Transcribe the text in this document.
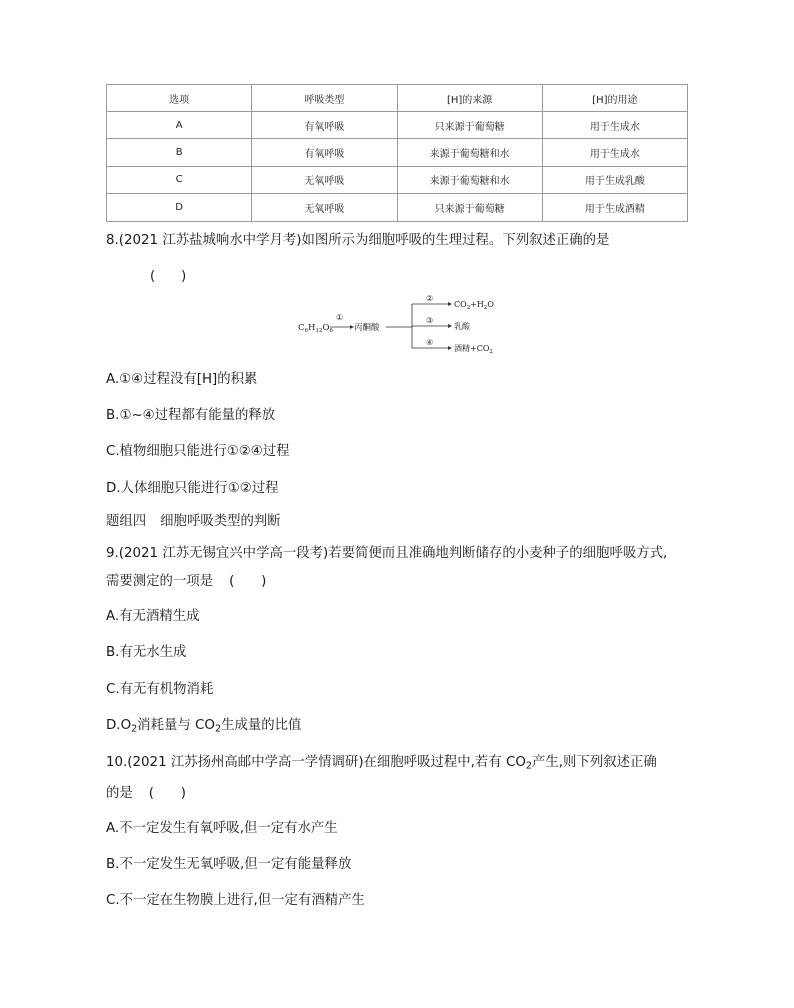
选项	呼吸类型	[H]的来源	[H]的用途
A	有氧呼吸	只来源于葡萄糖	用于生成水
B	有氧呼吸	来源于葡萄糖和水	用于生成水
C	无氧呼吸	来源于葡萄糖和水	用于生成乳酸
D	无氧呼吸	只来源于葡萄糖	用于生成酒精
8.(2021 江苏盐城响水中学月考)如图所示为细胞呼吸的生理过程。下列叙述正确的是
(　　)
$C_6H_{12}O_6$
①
丙酮酸
②
$CO_2+H_2O$
③
乳酸
④
酒精$+CO_2$
A.①④过程没有[H]的积累
B.①~④过程都有能量的释放
C.植物细胞只能进行①②④过程
D.人体细胞只能进行①②过程
题组四 细胞呼吸类型的判断
9.(2021 江苏无锡宜兴中学高一段考)若要简便而且准确地判断储存的小麦种子的细胞呼吸方式,
需要测定的一项是 (　　)
A.有无酒精生成
B.有无水生成
C.有无有机物消耗
$D.O_2$消耗量与 $CO_2$生成量的比值
10.(2021 江苏扬州高邮中学高一学情调研)在细胞呼吸过程中,若有 $CO_2$产生,则下列叙述正确
的是 (　　)
A.不一定发生有氧呼吸,但一定有水产生
B.不一定发生无氧呼吸,但一定有能量释放
C.不一定在生物膜上进行,但一定有酒精产生
